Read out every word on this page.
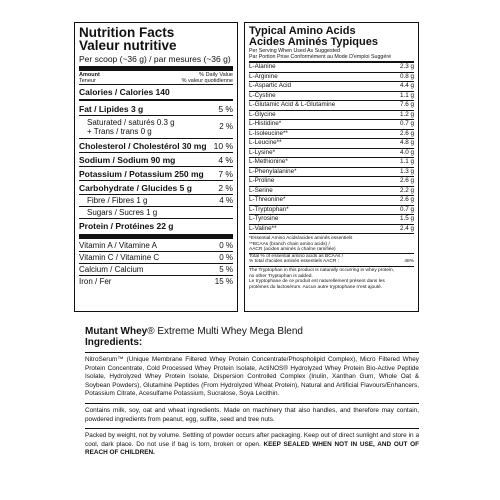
Nutrition Facts
Valeur nutritive
Per scoop (~36 g) / par mesures (~36 g)
Amount
Teneur
% Daily Value
% valeur quotidienne
Calories / Calories 140
Fat / Lipides 3 g	5 %
Saturated / saturés 0.3 g
+ Trans / trans 0 g
2 %
Cholesterol / Cholestérol 30 mg 10 %
Sodium / Sodium 90 mg	4 %
Potassium / Potassium 250 mg 7 %
Carbohydrate / Glucides 5 g	2 %
Fibre / Fibres 1 g	4 %
Sugars / Sucres 1 g
Protein / Protéines 22 g
Vitamin A / Vitamine A	0 %
Vitamin C / Vitamine C	0 %
Calcium / Calcium	5 %
Iron / Fer	15 %
Typical Amino Acids
Acides Aminés Typiques
Per Serving When Used As Suggested
Par Portion Prise Conformément au Mode D'emploi Suggéré
L-Alanine	2.3 g
L-Arginine	0.8 g
L-Aspartic Acid	4.4 g
L-Cystine	1.1 g
L-Glutamic Acid & L-Glutamine	7.6 g
L-Glycine	1.2 g
L-Histidine*	0.7 g
L-Isoleucine**	2.6 g
L-Leucine**	4.8 g
L-Lysine*	4.0 g
L-Methionine*	1.1 g
L-Phenylalanine*	1.3 g
L-Proline	2.6 g
L-Serine	2.2 g
L-Threonine*	2.6 g
L-Tryptophan*	0.7 g
L-Tyrosine	1.5 g
L-Valine**	2.4 g
*Essential Amino Acids/acides aminés essentiels
**BCAAs (branch chain amino acids) /
AACR (acides aminés à chaîne ramifiée)
Total % of essential amino acids as BCAAs /
% total d'acides aminés essentiels AACR :	48%
The Tryptophan in this product is naturally occurring in whey protein,
no other Tryptophan is added.
Le tryptophane de ce produit est naturellement présent dans les
protéines du lactosérum. Aucun autre tryptophane n'est ajouté.
Mutant Whey® Extreme Multi Whey Mega Blend
Ingredients:
NitroSerum™ (Unique Membrane Filtered Whey Protein Concentrate/Phospholipid Complex), Micro Filtered Whey Protein Concentrate, Cold Processed Whey Protein Isolate, ActiNOS® Hydrolyzed Whey Protein Bio-Active Peptide Isolate, Hydrolyzed Whey Protein Isolate, Dispersion Controlled Complex (Inulin, Xanthan Gum, Whole Oat & Soybean Powders), Glutamine Peptides (From Hydrolyzed Wheat Protein), Natural and Artificial Flavours/Enhancers, Potassium Citrate, Acesulfame Potassium, Sucralose, Soya Lecithin.
Contains milk, soy, oat and wheat ingredients. Made on machinery that also handles, and therefore may contain, powdered ingredients from peanut, egg, sulfite, seed and tree nuts.
Packed by weight, not by volume. Settling of powder occurs after packaging. Keep out of direct sunlight and store in a cool, dark place. Do not use if bag is torn, broken or open. KEEP SEALED WHEN NOT IN USE, AND OUT OF REACH OF CHILDREN.
